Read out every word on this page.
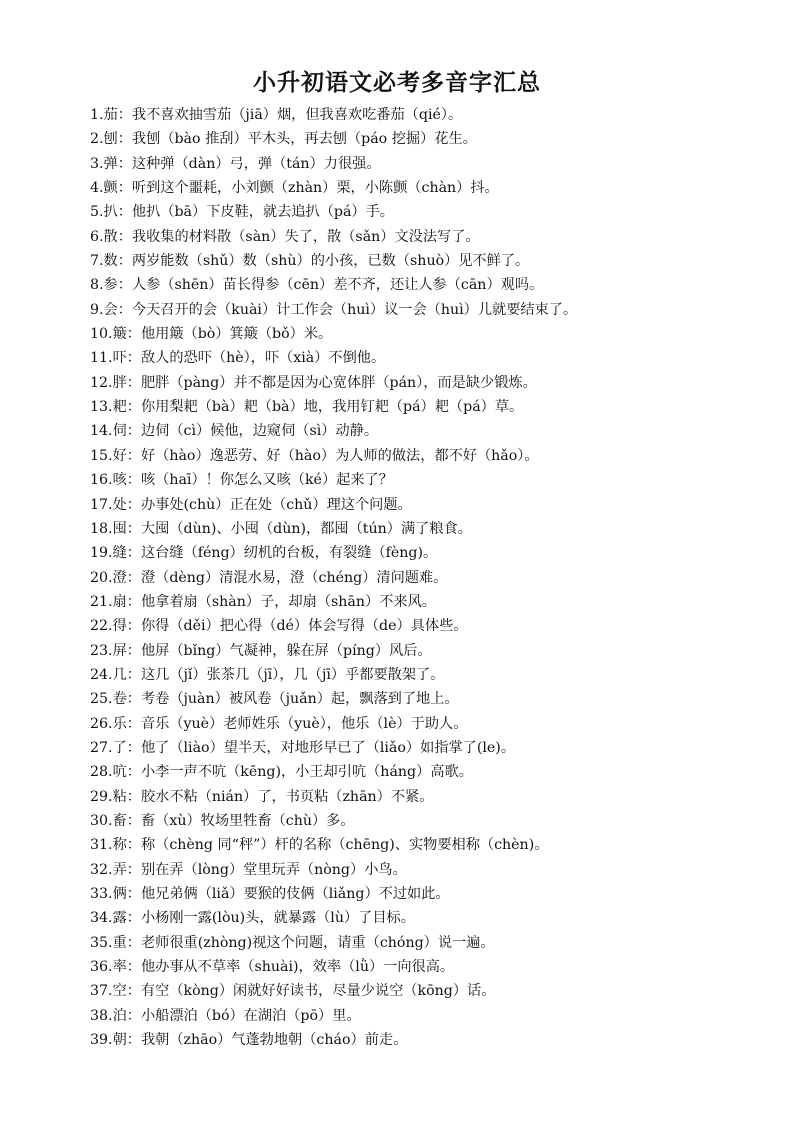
小升初语文必考多音字汇总
1.茄：我不喜欢抽雪茄（jiā）烟，但我喜欢吃番茄（qié）。
2.刨：我刨（bào 推刮）平木头，再去刨（páo 挖掘）花生。
3.弹：这种弹（dàn）弓，弹（tán）力很强。
4.颤：听到这个噩耗，小刘颤（zhàn）栗，小陈颤（chàn）抖。
5.扒：他扒（bā）下皮鞋，就去追扒（pá）手。
6.散：我收集的材料散（sàn）失了，散（sǎn）文没法写了。
7.数：两岁能数（shǔ）数（shù）的小孩，已数（shuò）见不鲜了。
8.参：人参（shēn）苗长得参（cēn）差不齐，还让人参（cān）观吗。
9.会：今天召开的会（kuài）计工作会（huì）议一会（huì）儿就要结束了。
10.簸：他用簸（bò）箕簸（bǒ）米。
11.吓：敌人的恐吓（hè），吓（xià）不倒他。
12.胖：肥胖（pàng）并不都是因为心宽体胖（pán），而是缺少锻炼。
13.耙：你用梨耙（bà）耙（bà）地，我用钉耙（pá）耙（pá）草。
14.伺：边伺（cì）候他，边窥伺（sì）动静。
15.好：好（hào）逸恶劳、好（hào）为人师的做法，都不好（hǎo）。
16.咳：咳（haī）！你怎么又咳（ké）起来了？
17.处：办事处(chù）正在处（chǔ）理这个问题。
18.囤：大囤（dùn)、小囤（dùn)，都囤（tún）满了粮食。
19.缝：这台缝（féng）纫机的台板，有裂缝（fèng)。
20.澄：澄（dèng）清混水易，澄（chéng）清问题难。
21.扇：他拿着扇（shàn）子，却扇（shān）不来风。
22.得：你得（děi）把心得（dé）体会写得（de）具体些。
23.屏：他屏（bǐng）气凝神，躲在屏（píng）风后。
24.几：这几（jǐ）张茶几（jī），几（jī）乎都要散架了。
25.卷：考卷（juàn）被风卷（juǎn）起，飘落到了地上。
26.乐：音乐（yuè）老师姓乐（yuè），他乐（lè）于助人。
27.了：他了（liào）望半天，对地形早已了（liǎo）如指掌了(le)。
28.吭：小李一声不吭（kēng)，小王却引吭（háng）高歌。
29.粘：胶水不粘（nián）了，书页粘（zhān）不紧。
30.畜：畜（xù）牧场里牲畜（chù）多。
31.称：称（chèng 同“秤”）杆的名称（chēng)、实物要相称（chèn)。
32.弄：别在弄（lòng）堂里玩弄（nòng）小鸟。
33.俩：他兄弟俩（liǎ）要猴的伎俩（liǎng）不过如此。
34.露：小杨刚一露(lòu)头，就暴露（lù）了目标。
35.重：老师很重(zhòng)视这个问题，请重（chóng）说一遍。
36.率：他办事从不草率（shuài)，效率（lǜ）一向很高。
37.空：有空（kòng）闲就好好读书，尽量少说空（kōng）话。
38.泊：小船漂泊（bó）在湖泊（pō）里。
39.朝：我朝（zhāo）气蓬勃地朝（cháo）前走。
